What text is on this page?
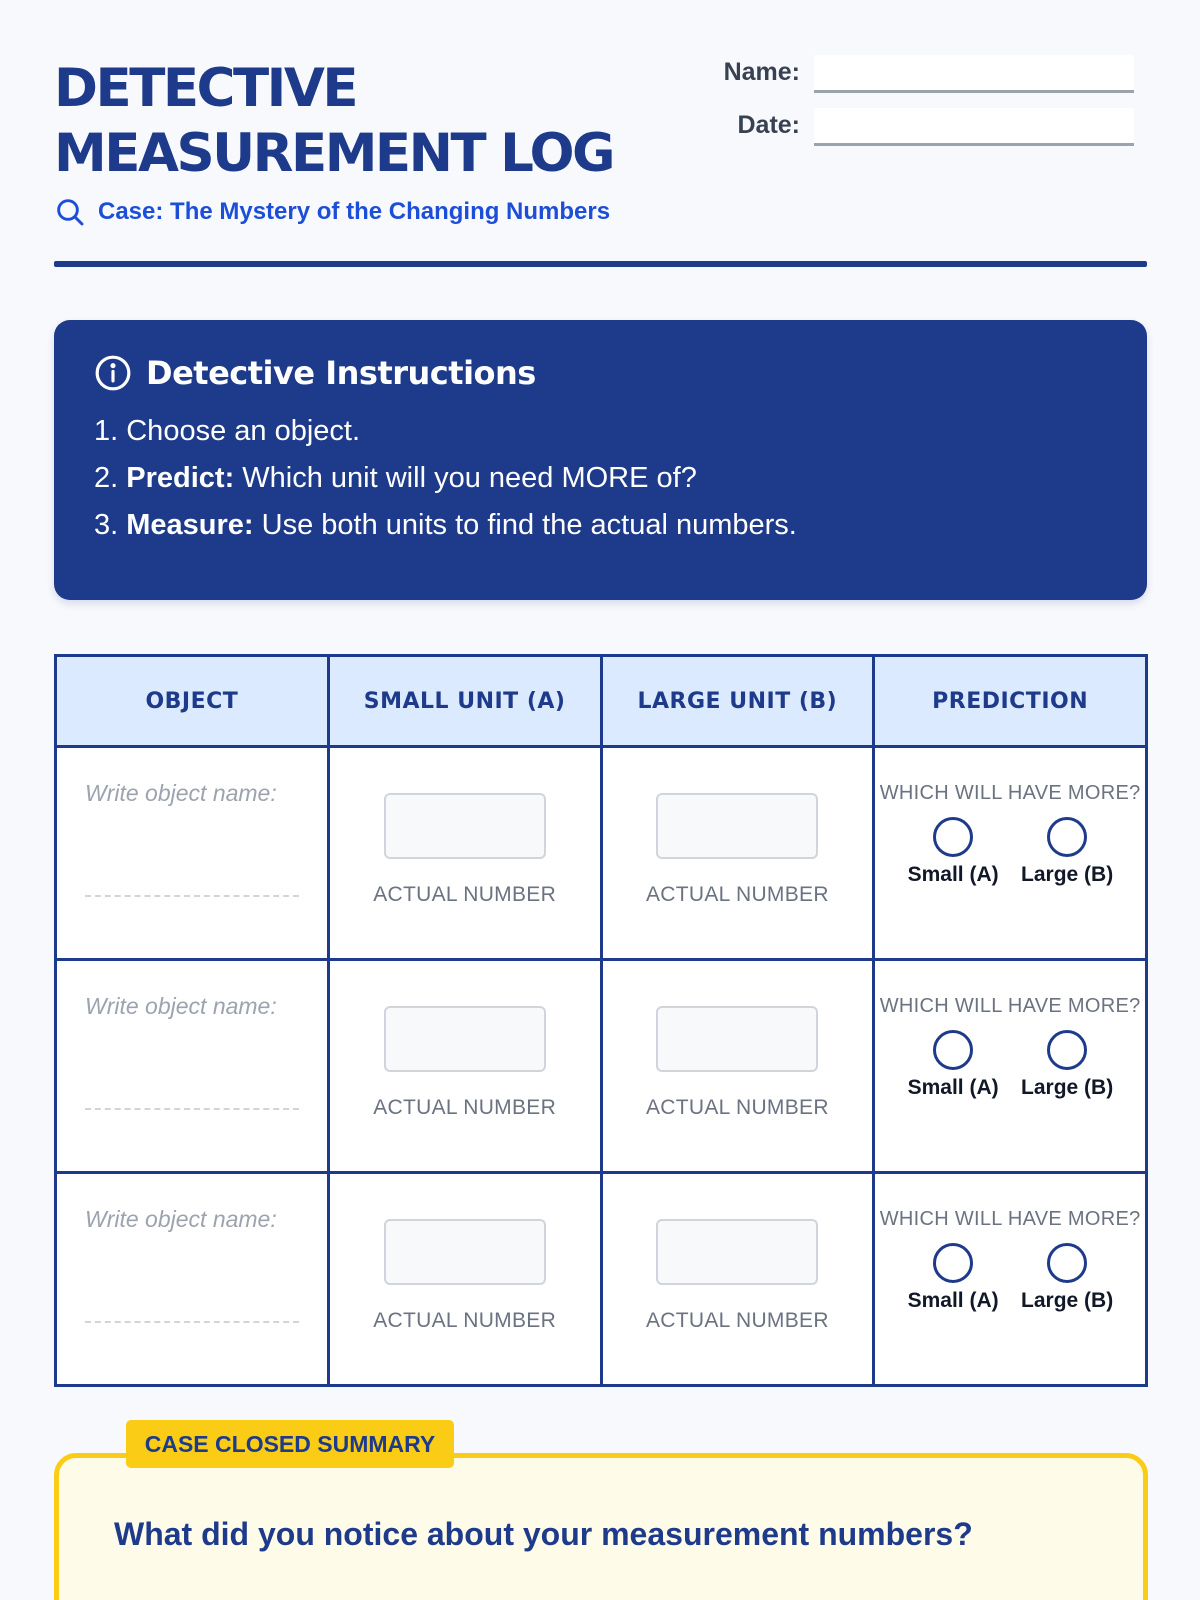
DETECTIVE
MEASUREMENT LOG
Case: The Mystery of the Changing Numbers
Name:
Date:
Detective Instructions
1. Choose an object.
2. Predict: Which unit will you need MORE of?
3. Measure: Use both units to find the actual numbers.
OBJECT	SMALL UNIT (A)	LARGE UNIT (B)	PREDICTION

Write object name:	ACTUAL NUMBER	ACTUAL NUMBER	WHICH WILL HAVE MORE?
Small (A) Large (B)

Write object name:	ACTUAL NUMBER	ACTUAL NUMBER	WHICH WILL HAVE MORE?
Small (A) Large (B)

Write object name:	ACTUAL NUMBER	ACTUAL NUMBER	WHICH WILL HAVE MORE?
Small (A) Large (B)
CASE CLOSED SUMMARY
What did you notice about your measurement numbers?
